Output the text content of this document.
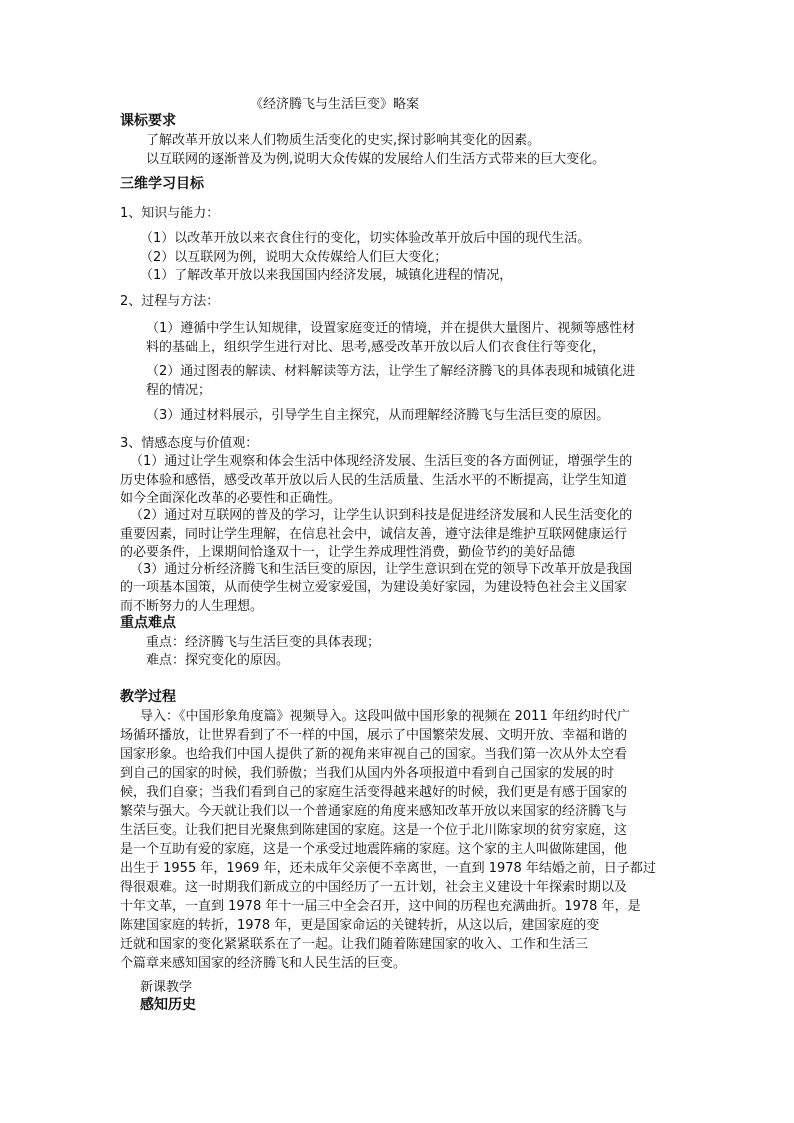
《经济腾飞与生活巨变》略案
课标要求
了解改革开放以来人们物质生活变化的史实,探讨影响其变化的因素。
以互联网的逐渐普及为例,说明大众传媒的发展给人们生活方式带来的巨大变化。
三维学习目标
1、知识与能力：
（1）以改革开放以来衣食住行的变化，切实体验改革开放后中国的现代生活。
（2）以互联网为例，说明大众传媒给人们巨大变化；
（1）了解改革开放以来我国国内经济发展，城镇化进程的情况，
2、过程与方法：
（1）遵循中学生认知规律，设置家庭变迁的情境，并在提供大量图片、视频等感性材
料的基础上，组织学生进行对比、思考,感受改革开放以后人们衣食住行等变化，
（2）通过图表的解读、材料解读等方法，让学生了解经济腾飞的具体表现和城镇化进
程的情况；
（3）通过材料展示，引导学生自主探究，从而理解经济腾飞与生活巨变的原因。
3、情感态度与价值观：
（1）通过让学生观察和体会生活中体现经济发展、生活巨变的各方面例证，增强学生的
历史体验和感悟，感受改革开放以后人民的生活质量、生活水平的不断提高，让学生知道
如今全面深化改革的必要性和正确性。
（2）通过对互联网的普及的学习，让学生认识到科技是促进经济发展和人民生活变化的
重要因素，同时让学生理解，在信息社会中，诚信友善，遵守法律是维护互联网健康运行
的必要条件，上课期间恰逢双十一，让学生养成理性消费，勤俭节约的美好品德
（3）通过分析经济腾飞和生活巨变的原因，让学生意识到在党的领导下改革开放是我国
的一项基本国策，从而使学生树立爱家爱国，为建设美好家园，为建设特色社会主义国家
而不断努力的人生理想。
重点难点
重点：经济腾飞与生活巨变的具体表现；
难点：探究变化的原因。
教学过程
导入：《中国形象角度篇》视频导入。这段叫做中国形象的视频在 2011 年纽约时代广
场循环播放，让世界看到了不一样的中国，展示了中国繁荣发展、文明开放、幸福和谐的
国家形象。也给我们中国人提供了新的视角来审视自己的国家。当我们第一次从外太空看
到自己的国家的时候，我们骄傲；当我们从国内外各项报道中看到自己国家的发展的时
候，我们自豪；当我们看到自己的家庭生活变得越来越好的时候，我们更是有感于国家的
繁荣与强大。今天就让我们以一个普通家庭的角度来感知改革开放以来国家的经济腾飞与
生活巨变。让我们把目光聚焦到陈建国的家庭。这是一个位于北川陈家坝的贫穷家庭，这
是一个互助有爱的家庭，这是一个承受过地震阵痛的家庭。这个家的主人叫做陈建国，他
出生于 1955 年，1969 年，还未成年父亲便不幸离世，一直到 1978 年结婚之前，日子都过
得很艰难。这一时期我们新成立的中国经历了一五计划，社会主义建设十年探索时期以及
十年文革，一直到 1978 年十一届三中全会召开，这中间的历程也充满曲折。1978 年，是
陈建国家庭的转折，1978 年，更是国家命运的关键转折，从这以后，建国家庭的变
迁就和国家的变化紧紧联系在了一起。让我们随着陈建国家的收入、工作和生活三
个篇章来感知国家的经济腾飞和人民生活的巨变。
新课教学
感知历史
